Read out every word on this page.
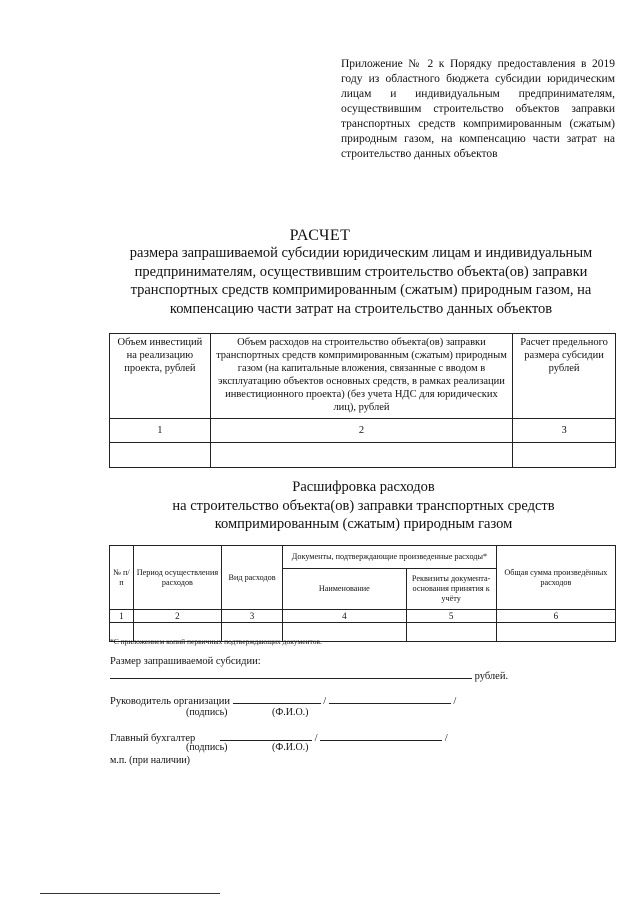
Приложение № 2 к Порядку предоставления в 2019 году из областного бюджета субсидии юридическим лицам и индивидуальным предпринимателям, осуществившим строительство объектов заправки транспортных средств компримированным (сжатым) природным газом, на компенсацию части затрат на строительство данных объектов
РАСЧЕТ
размера запрашиваемой субсидии юридическим лицам и индивидуальным предпринимателям, осуществившим строительство объекта(ов) заправки транспортных средств компримированным (сжатым) природным газом, на компенсацию части затрат на строительство данных объектов
Объем инвестиций на реализацию проекта, рублей	Объем расходов на строительство объекта(ов) заправки транспортных средств компримированным (сжатым) природным газом (на капитальные вложения, связанные с вводом в эксплуатацию объектов основных средств, в рамках реализации инвестиционного проекта) (без учета НДС для юридических лиц), рублей	Расчет предельного размера субсидии рублей
1	2	3

Расшифровка расходов
на строительство объекта(ов) заправки транспортных средств компримированным (сжатым) природным газом
№ п/п	Период осуществления расходов	Вид расходов	Документы, подтверждающие произведенные расходы*		Общая сумма произведённых расходов
			Наименование	Реквизиты документа-основания принятия к учёту	
1	2	3	4	5	6

*С приложением копий первичных подтверждающих документов.
Размер запрашиваемой субсидии:
рублей.
Руководитель организации	/	/
(подпись)	(Ф.И.О.)
Главный бухгалтер	/	/
(подпись)	(Ф.И.О.)
м.п. (при наличии)
